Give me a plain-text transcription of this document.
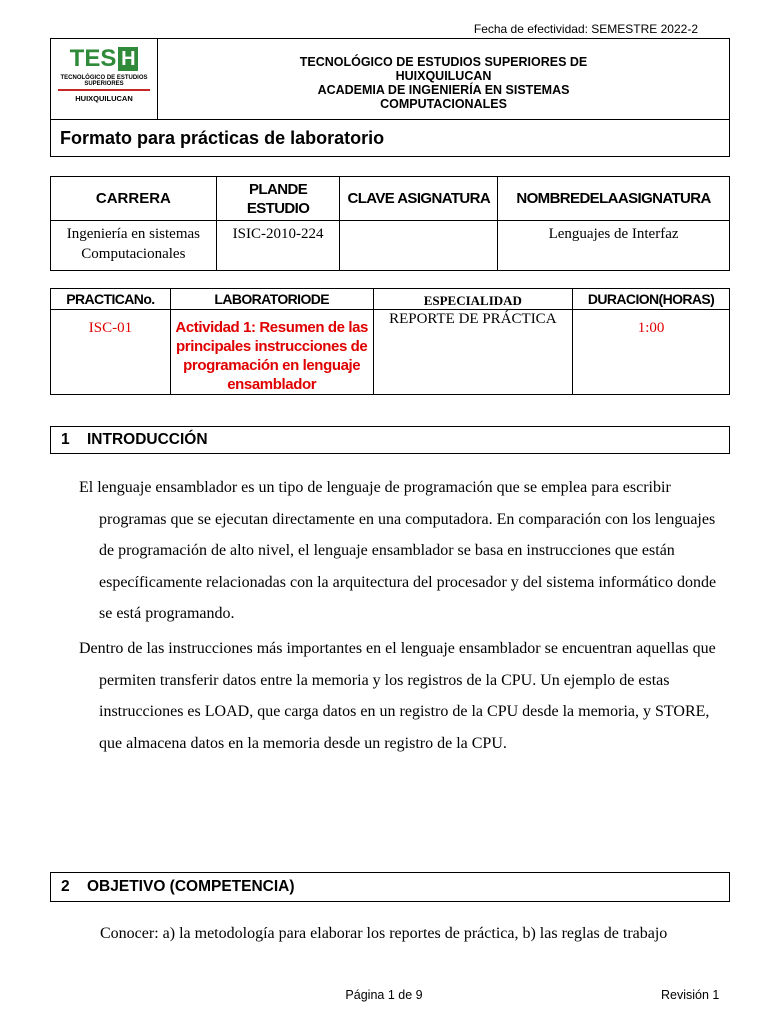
Fecha de efectividad: SEMESTRE 2022-2
TES H
TECNOLÓGICO DE ESTUDIOS SUPERIORES
HUIXQUILUCAN
TECNOLÓGICO DE ESTUDIOS SUPERIORES DE
HUIXQUILUCAN
ACADEMIA DE INGENIERÍA EN SISTEMAS
COMPUTACIONALES
Formato para prácticas de laboratorio
CARRERA	PLANDE ESTUDIO	CLAVE ASIGNATURA	NOMBREDELAASIGNATURA
Ingeniería en sistemas Computacionales	ISIC-2010-224		Lenguajes de Interfaz
PRACTICANo.	LABORATORIODE	ESPECIALIDAD	DURACION(HORAS)
ISC-01	Actividad 1: Resumen de las principales instrucciones de programación en lenguaje ensamblador	REPORTE DE PRÁCTICA	1:00
1 INTRODUCCIÓN
El lenguaje ensamblador es un tipo de lenguaje de programación que se emplea para escribir programas que se ejecutan directamente en una computadora. En comparación con los lenguajes de programación de alto nivel, el lenguaje ensamblador se basa en instrucciones que están específicamente relacionadas con la arquitectura del procesador y del sistema informático donde se está programando.
Dentro de las instrucciones más importantes en el lenguaje ensamblador se encuentran aquellas que permiten transferir datos entre la memoria y los registros de la CPU. Un ejemplo de estas instrucciones es LOAD, que carga datos en un registro de la CPU desde la memoria, y STORE, que almacena datos en la memoria desde un registro de la CPU.
2 OBJETIVO (COMPETENCIA)
Conocer: a) la metodología para elaborar los reportes de práctica, b) las reglas de trabajo
Página 1 de 9	Revisión 1
